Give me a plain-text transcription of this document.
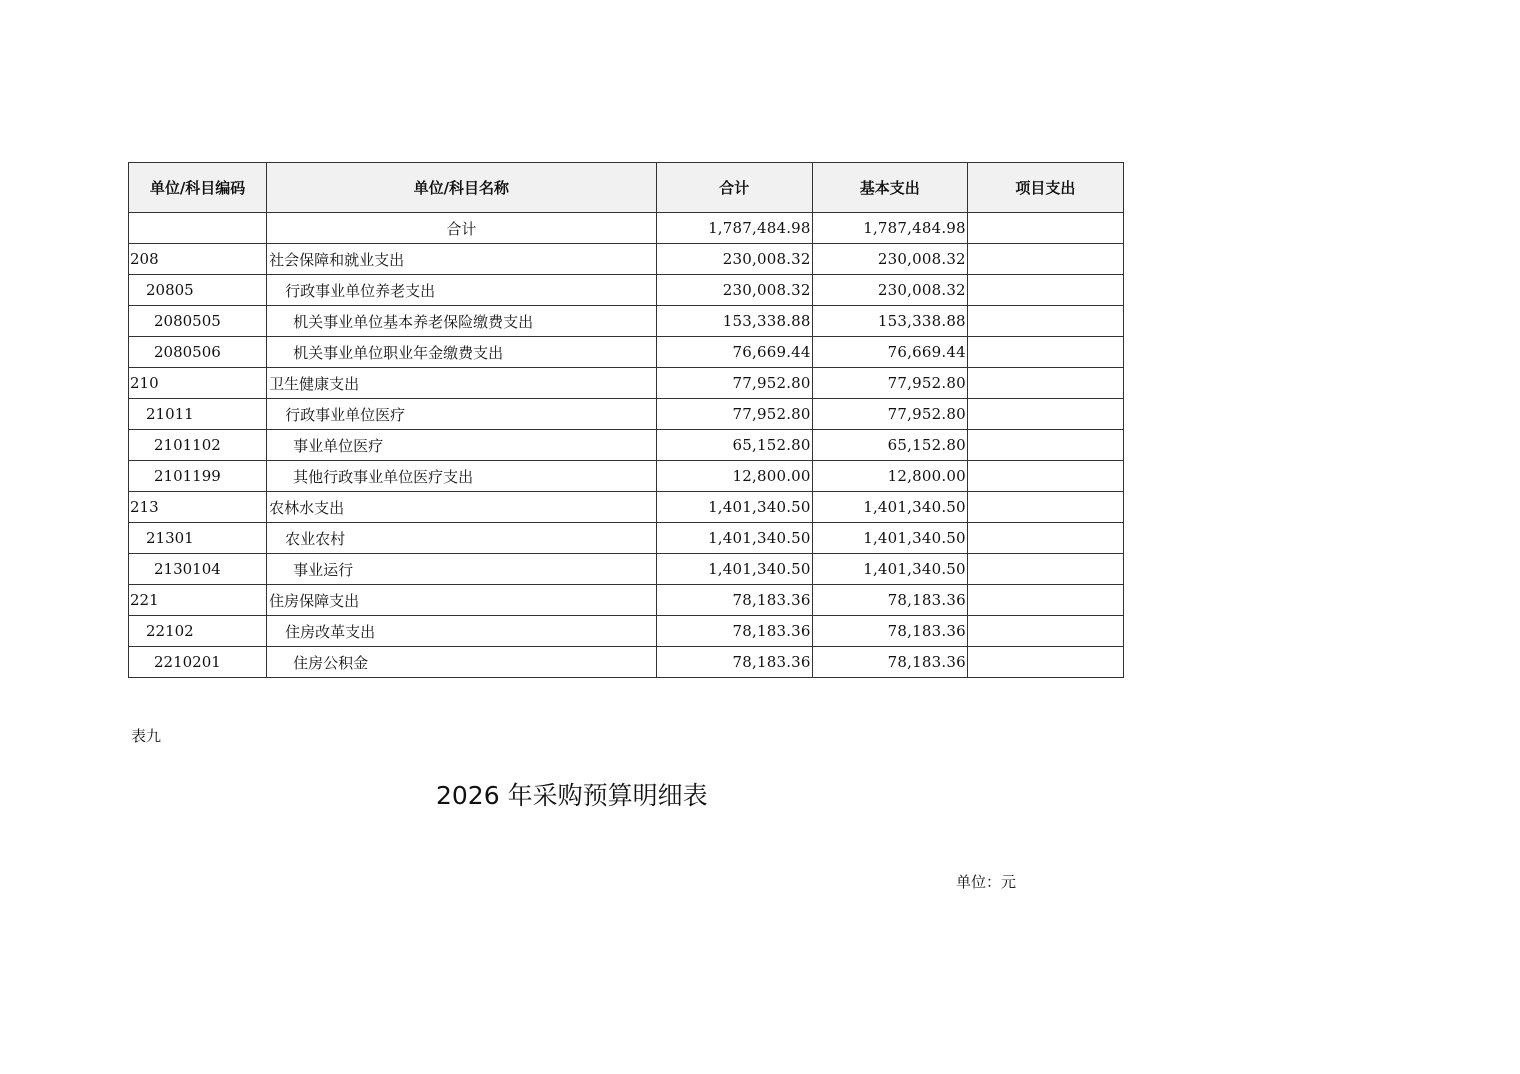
单位/科目编码	单位/科目名称	合计	基本支出	项目支出
	合计	1,787,484.98	1,787,484.98	
208	社会保障和就业支出	230,008.32	230,008.32	
20805	行政事业单位养老支出	230,008.32	230,008.32	
2080505	机关事业单位基本养老保险缴费支出	153,338.88	153,338.88	
2080506	机关事业单位职业年金缴费支出	76,669.44	76,669.44	
210	卫生健康支出	77,952.80	77,952.80	
21011	行政事业单位医疗	77,952.80	77,952.80	
2101102	事业单位医疗	65,152.80	65,152.80	
2101199	其他行政事业单位医疗支出	12,800.00	12,800.00	
213	农林水支出	1,401,340.50	1,401,340.50	
21301	农业农村	1,401,340.50	1,401,340.50	
2130104	事业运行	1,401,340.50	1,401,340.50	
221	住房保障支出	78,183.36	78,183.36	
22102	住房改革支出	78,183.36	78,183.36	
2210201	住房公积金	78,183.36	78,183.36	
表九
2026 年采购预算明细表
单位：元
